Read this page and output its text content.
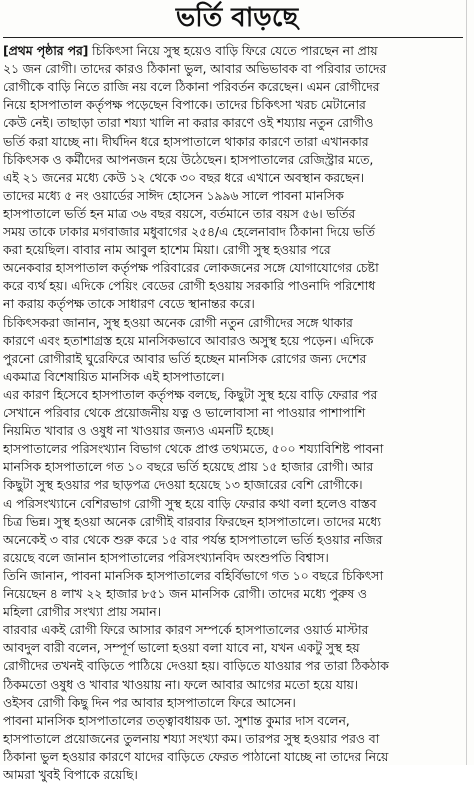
ভর্তি বাড়ছে
[প্রথম পৃষ্ঠার পর] চিকিৎসা নিয়ে সুস্থ হয়েও বাড়ি ফিরে যেতে পারছেন না প্রায়
২১ জন রোগী। তাদের কারও ঠিকানা ভুল, আবার অভিভাবক বা পরিবার তাদের
রোগীকে বাড়ি নিতে রাজি নয় বলে ঠিকানা পরিবর্তন করেছেন। এমন রোগীদের
নিয়ে হাসপাতাল কর্তৃপক্ষ পড়েছেন বিপাকে। তাদের চিকিৎসা খরচ মেটানোর
কেউ নেই। তাছাড়া তারা শয্যা খালি না করার কারণে ওই শয্যায় নতুন রোগীও
ভর্তি করা যাচ্ছে না। দীর্ঘদিন ধরে হাসপাতালে থাকার কারণে তারা এখানকার
চিকিৎসক ও কর্মীদের আপনজন হয়ে উঠেছেন। হাসপাতালের রেজিস্ট্রার মতে,
এই ২১ জনের মধ্যে কেউ ১২ থেকে ৩০ বছর ধরে এখানে অবস্থান করছেন।
তাদের মধ্যে ৫ নং ওয়ার্ডের সাঈদ হোসেন ১৯৯৬ সালে পাবনা মানসিক
হাসপাতালে ভর্তি হন মাত্র ৩৬ বছর বয়সে, বর্তমানে তার বয়স ৫৬। ভর্তির
সময় তাকে ঢাকার মগবাজার মধুবাগের ২৫৪/এ হেলেনাবাদ ঠিকানা দিয়ে ভর্তি
করা হয়েছিল। বাবার নাম আবুল হাশেম মিয়া। রোগী সুস্থ হওয়ার পরে
অনেকবার হাসপাতাল কর্তৃপক্ষ পরিবারের লোকজনের সঙ্গে যোগাযোগের চেষ্টা
করে ব্যর্থ হয়। এদিকে পেয়িং বেডের রোগী হওয়ায় সরকারি পাওনাদি পরিশোধ
না করায় কর্তৃপক্ষ তাকে সাধারণ বেডে স্থানান্তর করে।
চিকিৎসকরা জানান, সুস্থ হওয়া অনেক রোগী নতুন রোগীদের সঙ্গে থাকার
কারণে এবং হতাশাগ্রস্ত হয়ে মানসিকভাবে আবারও অসুস্থ হয়ে পড়েন। এদিকে
পুরনো রোগীরাই ঘুরেফিরে আবার ভর্তি হচ্ছেন মানসিক রোগের জন্য দেশের
একমাত্র বিশেষায়িত মানসিক এই হাসপাতালে।
এর কারণ হিসেবে হাসপাতাল কর্তৃপক্ষ বলছে, কিছুটা সুস্থ হয়ে বাড়ি ফেরার পর
সেখানে পরিবার থেকে প্রয়োজনীয় যত্ন ও ভালোবাসা না পাওয়ার পাশাপাশি
নিয়মিত খাবার ও ওষুধ না খাওয়ার জন্যও এমনটি হচ্ছে।
হাসপাতালের পরিসংখ্যান বিভাগ থেকে প্রাপ্ত তথ্যমতে, ৫০০ শয্যাবিশিষ্ট পাবনা
মানসিক হাসপাতালে গত ১০ বছরে ভর্তি হয়েছে প্রায় ১৫ হাজার রোগী। আর
কিছুটা সুস্থ হওয়ার পর ছাড়পত্র দেওয়া হয়েছে ১৩ হাজারের বেশি রোগীকে।
এ পরিসংখ্যানে বেশিরভাগ রোগী সুস্থ হয়ে বাড়ি ফেরার কথা বলা হলেও বাস্তব
চিত্র ভিন্ন। সুস্থ হওয়া অনেক রোগীই বারবার ফিরছেন হাসপাতালে। তাদের মধ্যে
অনেকেই ৩ বার থেকে শুরু করে ১৫ বার পর্যন্ত হাসপাতালে ভর্তি হওয়ার নজির
রয়েছে বলে জানান হাসপাতালের পরিসংখ্যানবিদ অংশুপতি বিশ্বাস।
তিনি জানান, পাবনা মানসিক হাসপাতালের বহির্বিভাগে গত ১০ বছরে চিকিৎসা
নিয়েছেন ৪ লাখ ২২ হাজার ৮৫১ জন মানসিক রোগী। তাদের মধ্যে পুরুষ ও
মহিলা রোগীর সংখ্যা প্রায় সমান।
বারবার একই রোগী ফিরে আসার কারণ সম্পর্কে হাসপাতালের ওয়ার্ড মাস্টার
আবদুল বারী বলেন, সম্পূর্ণ ভালো হওয়া বলা যাবে না, যখন একটু সুস্থ হয়
রোগীদের তখনই বাড়িতে পাঠিয়ে দেওয়া হয়। বাড়িতে যাওয়ার পর তারা ঠিকঠাক
ঠিকমতো ওষুধ ও খাবার খাওয়ায় না। ফলে আবার আগের মতো হয়ে যায়।
ওইসব রোগী কিছু দিন পর আবার হাসপাতালে ফিরে আসেন।
পাবনা মানসিক হাসপাতালের তত্ত্বাবধায়ক ডা. সুশান্ত কুমার দাস বলেন,
হাসপাতালে প্রয়োজনের তুলনায় শয্যা সংখ্যা কম। তারপর সুস্থ হওয়ার পরও বা
ঠিকানা ভুল হওয়ার কারণে যাদের বাড়িতে ফেরত পাঠানো যাচ্ছে না তাদের নিয়ে
আমরা খুবই বিপাকে রয়েছি।
